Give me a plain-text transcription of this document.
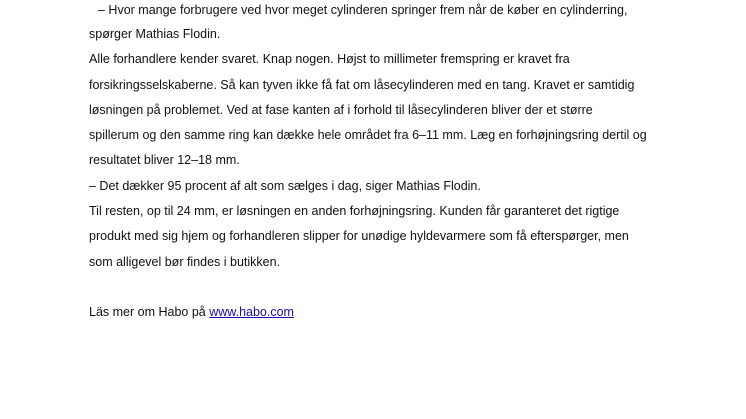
– Hvor mange forbrugere ved hvor meget cylinderen springer frem når de køber en cylinderring,
spørger Mathias Flodin.
Alle forhandlere kender svaret. Knap nogen. Højst to millimeter fremspring er kravet fra
forsikringsselskaberne. Så kan tyven ikke få fat om låsecylinderen med en tang. Kravet er samtidig
løsningen på problemet. Ved at fase kanten af i forhold til låsecylinderen bliver der et større
spillerum og den samme ring kan dække hele området fra 6–11 mm. Læg en forhøjningsring dertil og
resultatet bliver 12–18 mm.
– Det dækker 95 procent af alt som sælges i dag, siger Mathias Flodin.
Til resten, op til 24 mm, er løsningen en anden forhøjningsring. Kunden får garanteret det rigtige
produkt med sig hjem og forhandleren slipper for unødige hyldevarmere som få efterspørger, men
som alligevel bør findes i butikken.
Läs mer om Habo på www.habo.com
